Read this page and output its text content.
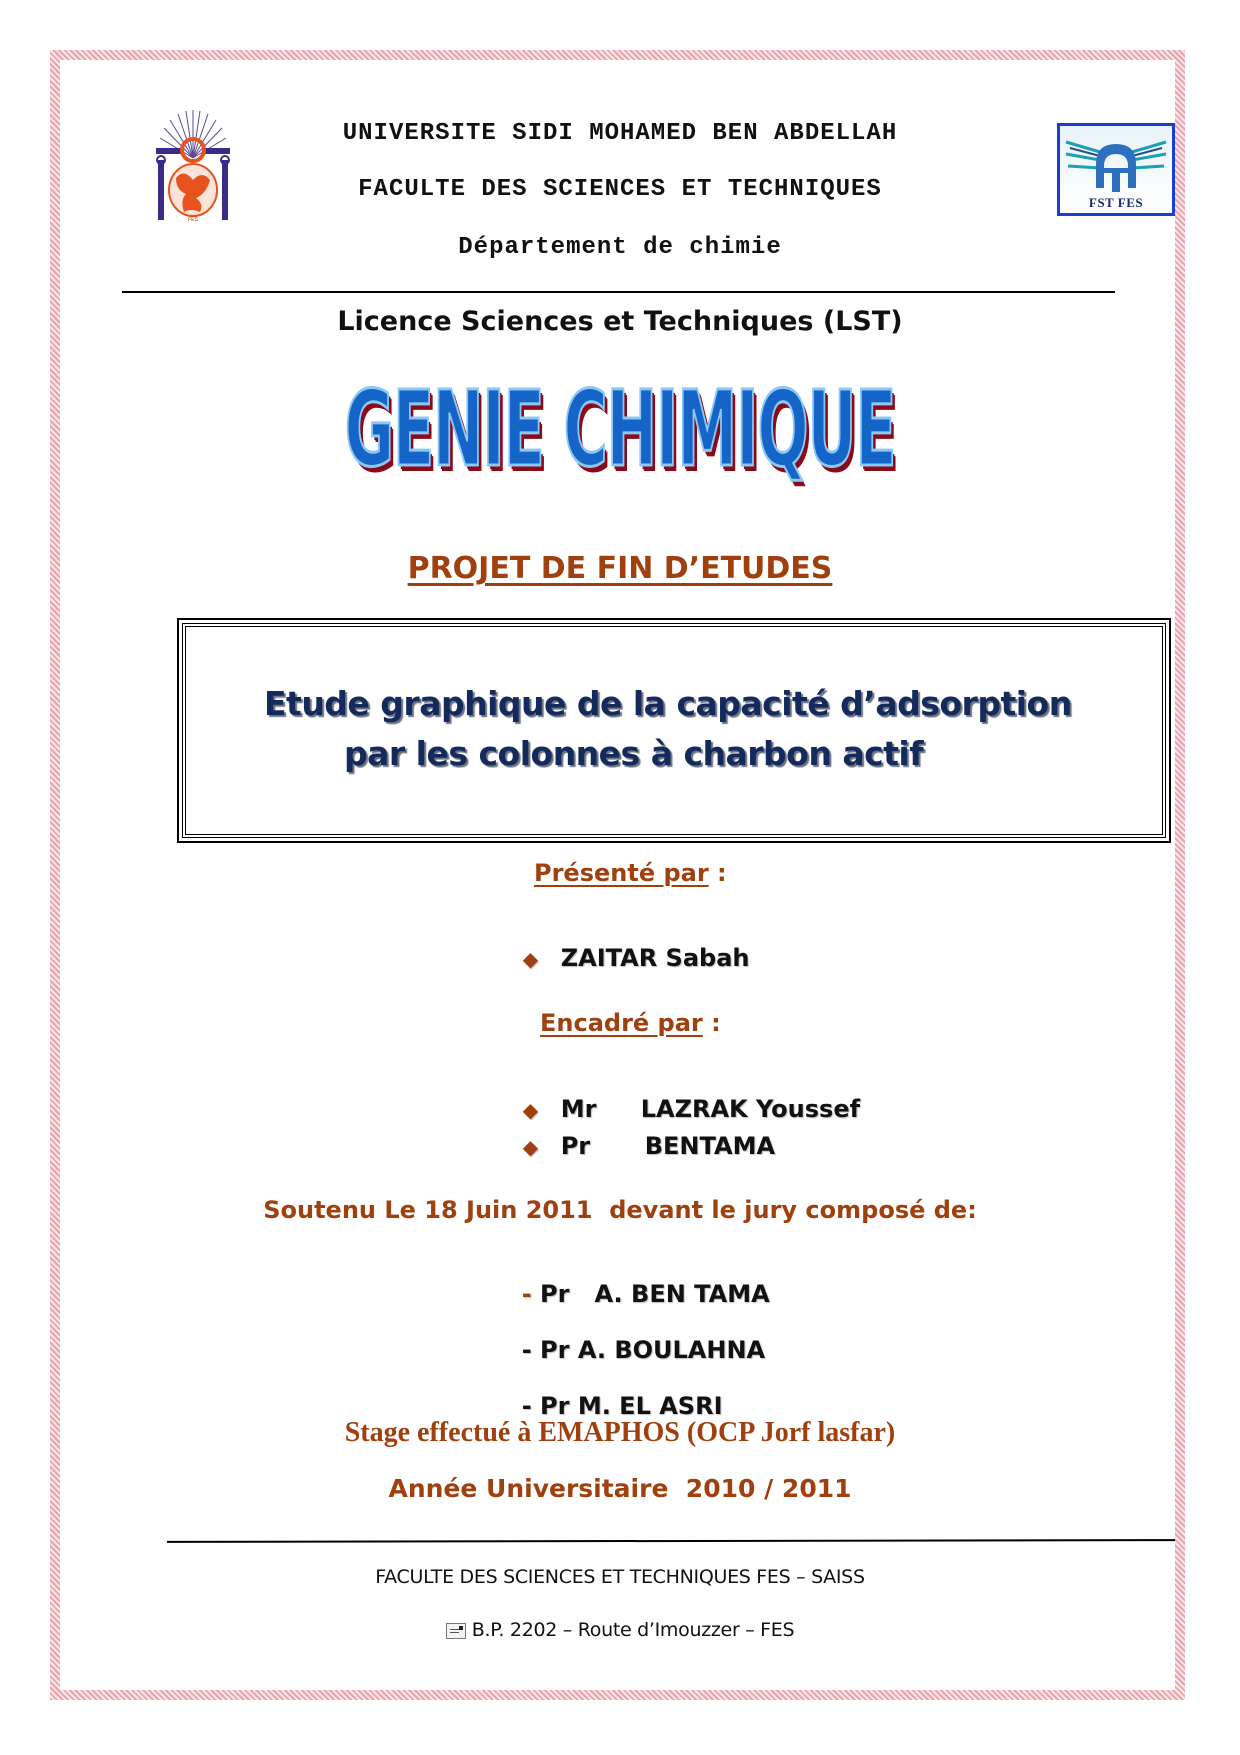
FES
UNIVERSITE SIDI MOHAMED BEN ABDELLAH
FACULTE DES SCIENCES ET TECHNIQUES
Département de chimie
FST FES
Licence Sciences et Techniques (LST)
GENIE CHIMIQUE
PROJET DE FIN D’ETUDES
Etude graphique de la capacité d’adsorption
par les colonnes à charbon actif
Présenté par :

◆ ZAITAR Sabah

Encadré par :

◆ Mr LAZRAK Youssef

◆ Pr BENTAMA

Soutenu Le 18 Juin 2011  devant le jury composé de:

- Pr   A. BEN TAMA

- Pr A. BOULAHNA

- Pr M. EL ASRI

Stage effectué à EMAPHOS (OCP Jorf lasfar)
Année Universitaire  2010 / 2011
FACULTE DES SCIENCES ET TECHNIQUES FES – SAISS
B.P. 2202 – Route d’Imouzzer – FES
